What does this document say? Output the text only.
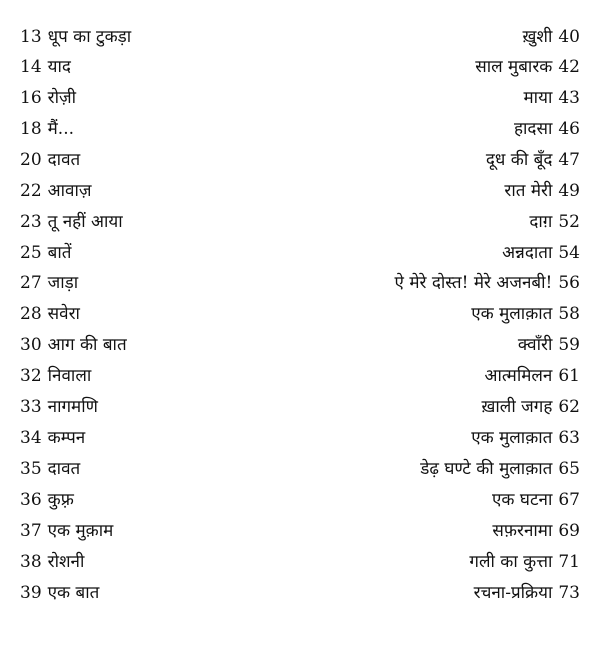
13 धूप का टुकड़ा	ख़ुशी 40
14 याद	साल मुबारक 42
16 रोज़ी	माया 43
18 मैं...	हादसा 46
20 दावत	दूध की बूँद 47
22 आवाज़	रात मेरी 49
23 तू नहीं आया	दाग़ 52
25 बातें	अन्नदाता 54
27 जाड़ा	ऐ मेरे दोस्त! मेरे अजनबी! 56
28 सवेरा	एक मुलाक़ात 58
30 आग की बात	क्वाँरी 59
32 निवाला	आत्ममिलन 61
33 नागमणि	ख़ाली जगह 62
34 कम्पन	एक मुलाक़ात 63
35 दावत	डेढ़ घण्टे की मुलाक़ात 65
36 कुफ़्र	एक घटना 67
37 एक मुक़ाम	सफ़रनामा 69
38 रोशनी	गली का कुत्ता 71
39 एक बात	रचना-प्रक्रिया 73
